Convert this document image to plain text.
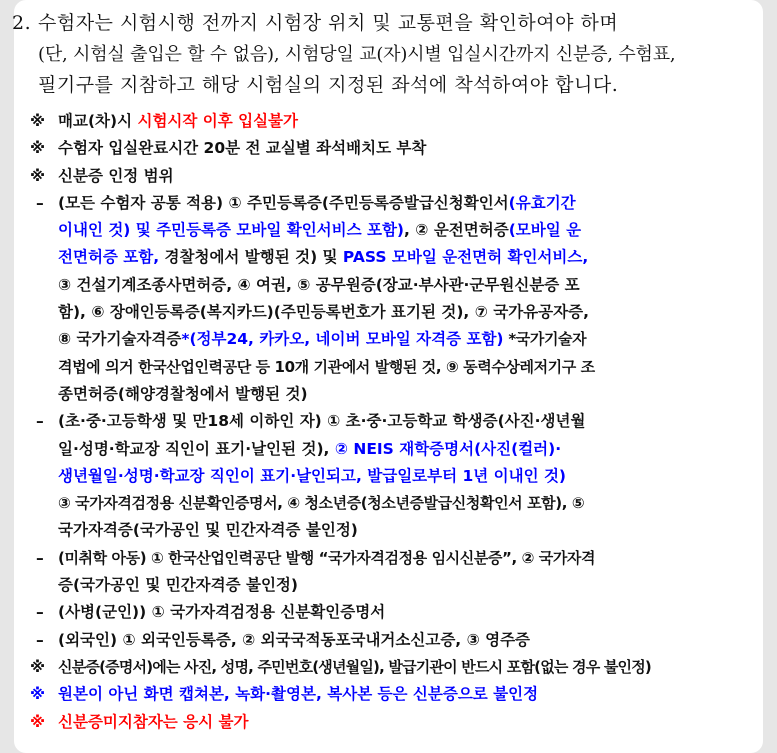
2. 수험자는 시험시행 전까지 시험장 위치 및 교통편을 확인하여야 하며
(단, 시험실 출입은 할 수 없음), 시험당일 교(자)시별 입실시간까지 신분증, 수험표,
필기구를 지참하고 해당 시험실의 지정된 좌석에 착석하여야 합니다.
※ 매교(차)시 시험시작 이후 입실불가
※ 수험자 입실완료시간 20분 전 교실별 좌석배치도 부착
※ 신분증 인정 범위
– (모든 수험자 공통 적용) ① 주민등록증(주민등록증발급신청확인서(유효기간
이내인 것) 및 주민등록증 모바일 확인서비스 포함), ② 운전면허증(모바일 운
전면허증 포함, 경찰청에서 발행된 것) 및 PASS 모바일 운전면허 확인서비스,
③ 건설기계조종사면허증, ④ 여권, ⑤ 공무원증(장교·부사관·군무원신분증 포
함), ⑥ 장애인등록증(복지카드)(주민등록번호가 표기된 것), ⑦ 국가유공자증,
⑧ 국가기술자격증*(정부24, 카카오, 네이버 모바일 자격증 포함) *국가기술자
격법에 의거 한국산업인력공단 등 10개 기관에서 발행된 것, ⑨ 동력수상레저기구 조
종면허증(해양경찰청에서 발행된 것)
– (초·중·고등학생 및 만18세 이하인 자) ① 초·중·고등학교 학생증(사진·생년월
일·성명·학교장 직인이 표기·날인된 것), ② NEIS 재학증명서(사진(컬러)·
생년월일·성명·학교장 직인이 표기·날인되고, 발급일로부터 1년 이내인 것)
③ 국가자격검정용 신분확인증명서, ④ 청소년증(청소년증발급신청확인서 포함), ⑤
국가자격증(국가공인 및 민간자격증 불인정)
– (미취학 아동) ① 한국산업인력공단 발행 “국가자격검정용 임시신분증”, ② 국가자격
증(국가공인 및 민간자격증 불인정)
– (사병(군인)) ① 국가자격검정용 신분확인증명서
– (외국인) ① 외국인등록증, ② 외국국적동포국내거소신고증, ③ 영주증
※ 신분증(증명서)에는 사진, 성명, 주민번호(생년월일), 발급기관이 반드시 포함(없는 경우 불인정)
※ 원본이 아닌 화면 캡쳐본, 녹화·촬영본, 복사본 등은 신분증으로 불인정
※ 신분증미지참자는 응시 불가
